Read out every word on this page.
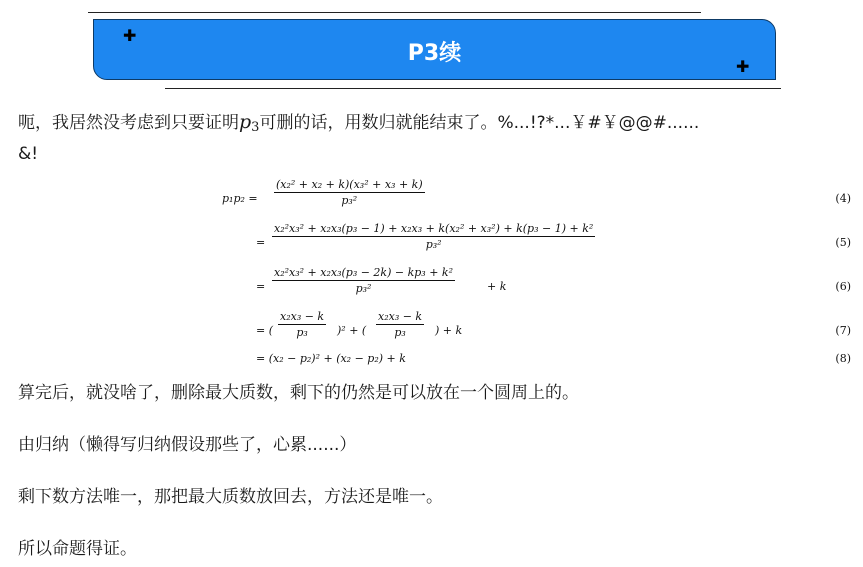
P3续
✚
✚
呃，我居然没考虑到只要证明$p_3$可删的话，用数归就能结束了。%...!?*...￥#￥@@#......
&!
p₁p₂ =
(x₂² + x₂ + k)(x₃² + x₃ + k)
p₃²	(4)
=
x₂²x₃² + x₂x₃(p₃ − 1) + x₂x₃ + k(x₂² + x₃²) + k(p₃ − 1) + k²
p₃²	(5)
=
x₂²x₃² + x₂x₃(p₃ − 2k) − kp₃ + k²
p₃²	+ k	(6)
= (
x₂x₃ − k
p₃	)² + (
x₂x₃ − k
p₃	) + k	(7)
= (x₂ − p₂)² + (x₂ − p₂) + k	(8)
算完后，就没啥了，删除最大质数，剩下的仍然是可以放在一个圆周上的。
由归纳（懒得写归纳假设那些了，心累......）
剩下数方法唯一，那把最大质数放回去，方法还是唯一。
所以命题得证。
